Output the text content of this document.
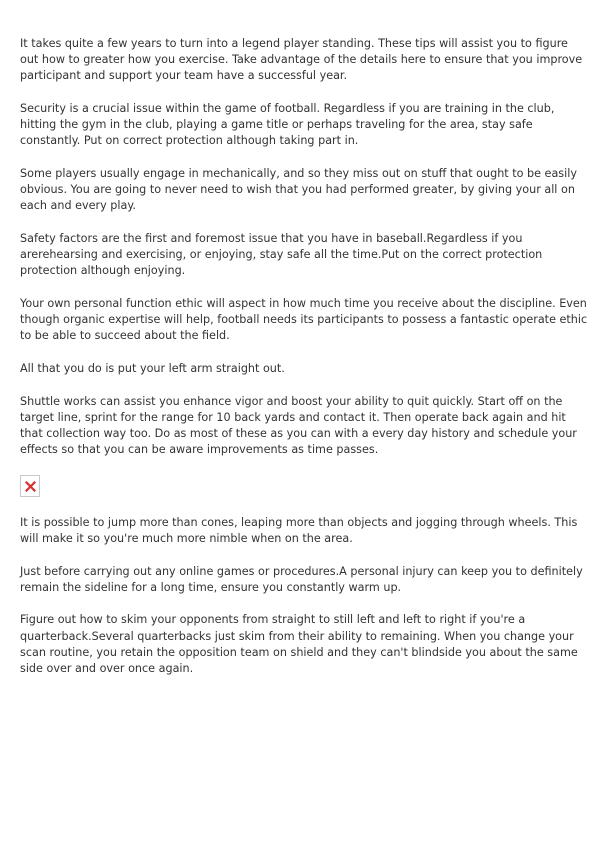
It takes quite a few years to turn into a legend player standing. These tips will assist you to figure out how to greater how you exercise. Take advantage of the details here to ensure that you improve participant and support your team have a successful year.

Security is a crucial issue within the game of football. Regardless if you are training in the club, hitting the gym in the club, playing a game title or perhaps traveling for the area, stay safe constantly. Put on correct protection although taking part in.

Some players usually engage in mechanically, and so they miss out on stuff that ought to be easily obvious. You are going to never need to wish that you had performed greater, by giving your all on each and every play.

Safety factors are the first and foremost issue that you have in baseball.Regardless if you arerehearsing and exercising, or enjoying, stay safe all the time.Put on the correct protection protection although enjoying.

Your own personal function ethic will aspect in how much time you receive about the discipline. Even though organic expertise will help, football needs its participants to possess a fantastic operate ethic to be able to succeed about the field.

All that you do is put your left arm straight out.

Shuttle works can assist you enhance vigor and boost your ability to quit quickly. Start off on the target line, sprint for the range for 10 back yards and contact it. Then operate back again and hit that collection way too. Do as most of these as you can with a every day history and schedule your effects so that you can be aware improvements as time passes.

It is possible to jump more than cones, leaping more than objects and jogging through wheels. This will make it so you're much more nimble when on the area.

Just before carrying out any online games or procedures.A personal injury can keep you to definitely remain the sideline for a long time, ensure you constantly warm up.

Figure out how to skim your opponents from straight to still left and left to right if you're a quarterback.Several quarterbacks just skim from their ability to remaining. When you change your scan routine, you retain the opposition team on shield and they can't blindside you about the same side over and over once again.
